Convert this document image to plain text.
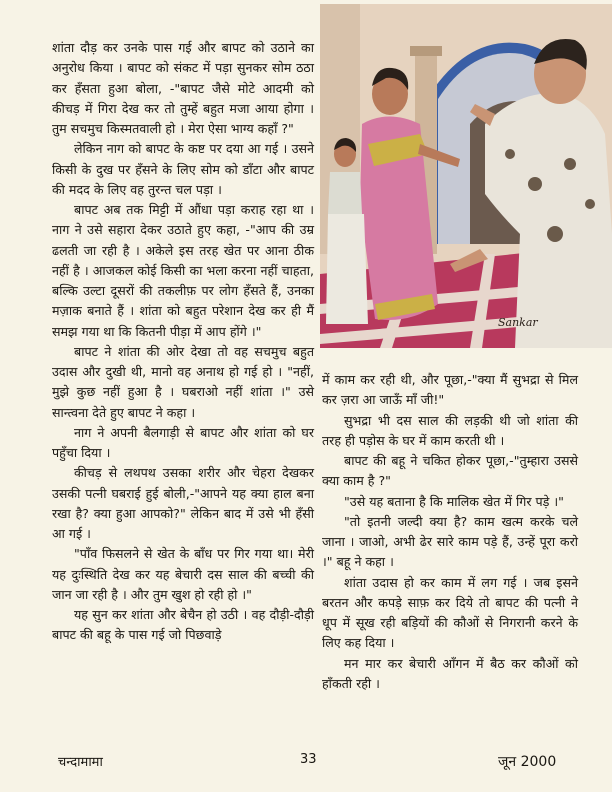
शांता दौड़ कर उनके पास गई और बापट को उठाने का अनुरोध किया । बापट को संकट में पड़ा सुनकर सोम ठठा कर हँसता हुआ बोला, -"बापट जैसे मोटे आदमी को कीचड़ में गिरा देख कर तो तुम्हें बहुत मजा आया होगा । तुम सचमुच किस्मतवाली हो । मेरा ऐसा भाग्य कहाँ ?"

लेकिन नाग को बापट के कष्ट पर दया आ गई । उसने किसी के दुख पर हँसने के लिए सोम को डाँटा और बापट की मदद के लिए वह तुरन्त चल पड़ा ।

बापट अब तक मिट्टी में औंधा पड़ा कराह रहा था । नाग ने उसे सहारा देकर उठाते हुए कहा, -"आप की उम्र ढलती जा रही है । अकेले इस तरह खेत पर आना ठीक नहीं है । आजकल कोई किसी का भला करना नहीं चाहता, बल्कि उल्टा दूसरों की तकलीफ़ पर लोग हँसते हैं, उनका मज़ाक बनाते हैं । शांता को बहुत परेशान देख कर ही मैं समझ गया था कि कितनी पीड़ा में आप होंगे ।"

बापट ने शांता की ओर देखा तो वह सचमुच बहुत उदास और दुखी थी, मानो वह अनाथ हो गई हो । "नहीं, मुझे कुछ नहीं हुआ है । घबराओ नहीं शांता ।" उसे सान्त्वना देते हुए बापट ने कहा ।

नाग ने अपनी बैलगाड़ी से बापट और शांता को घर पहुँचा दिया ।

कीचड़ से लथपथ उसका शरीर और चेहरा देखकर उसकी पत्नी घबराई हुई बोली,-"आपने यह क्या हाल बना रखा है? क्या हुआ आपको?" लेकिन बाद में उसे भी हँसी आ गई ।

"पाँव फिसलने से खेत के बाँध पर गिर गया था। मेरी यह दुःस्थिति देख कर यह बेचारी दस साल की बच्ची की जान जा रही है । और तुम खुश हो रही हो ।"

यह सुन कर शांता और बेचैन हो उठी । वह दौड़ी-दौड़ी बापट की बहू के पास गई जो पिछवाड़े

Sankar

में काम कर रही थी, और पूछा,-"क्या मैं सुभद्रा से मिल कर ज़रा आ जाऊँ माँ जी!"

सुभद्रा भी दस साल की लड़की थी जो शांता की तरह ही पड़ोस के घर में काम करती थी ।

बापट की बहू ने चकित होकर पूछा,-"तुम्हारा उससे क्या काम है ?"

"उसे यह बताना है कि मालिक खेत में गिर पड़े ।"

"तो इतनी जल्दी क्या है? काम खत्म करके चले जाना । जाओ, अभी ढेर सारे काम पड़े हैं, उन्हें पूरा करो ।" बहू ने कहा ।

शांता उदास हो कर काम में लग गई । जब इसने बरतन और कपड़े साफ़ कर दिये तो बापट की पत्नी ने धूप में सूख रही बड़ियों की कौओं से निगरानी करने के लिए कह दिया ।

मन मार कर बेचारी आँगन में बैठ कर कौओं को हाँकती रही ।

चन्दामामा	33	जून 2000
